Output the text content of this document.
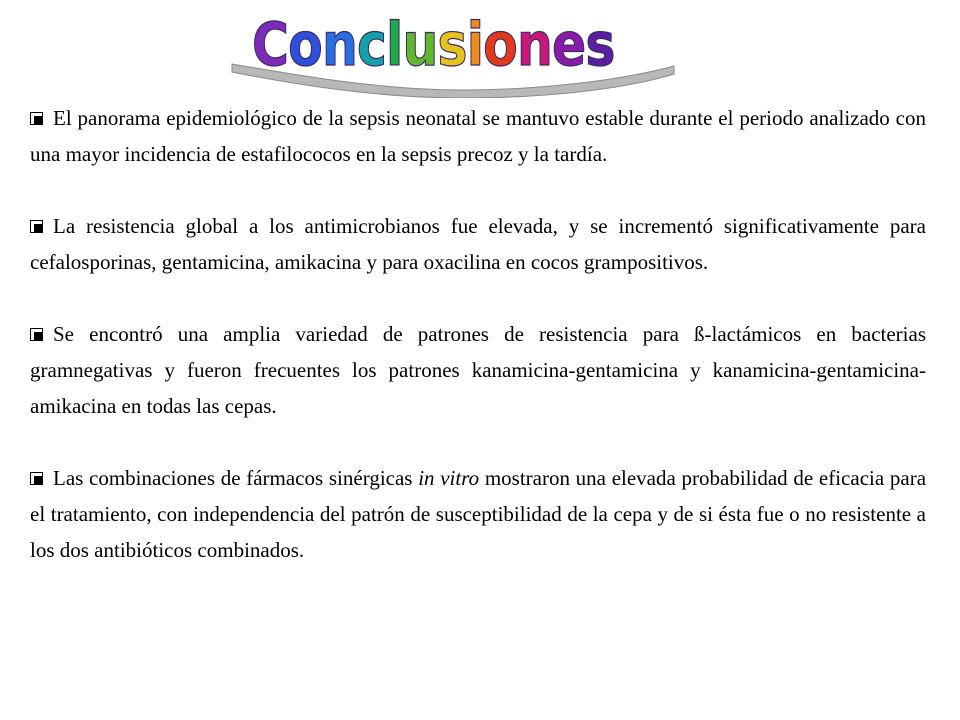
Conclusiones

El panorama epidemiológico de la sepsis neonatal se mantuvo estable durante el periodo analizado con una mayor incidencia de estafilococos en la sepsis precoz y la tardía.

La resistencia global a los antimicrobianos fue elevada, y se incrementó significativamente para cefalosporinas, gentamicina, amikacina y para oxacilina en cocos grampositivos.

Se encontró una amplia variedad de patrones de resistencia para ß-lactámicos en bacterias gramnegativas y fueron frecuentes los patrones kanamicina-gentamicina y kanamicina-gentamicina-amikacina en todas las cepas.

Las combinaciones de fármacos sinérgicas in vitro mostraron una elevada probabilidad de eficacia para el tratamiento, con independencia del patrón de susceptibilidad de la cepa y de si ésta fue o no resistente a los dos antibióticos combinados.
